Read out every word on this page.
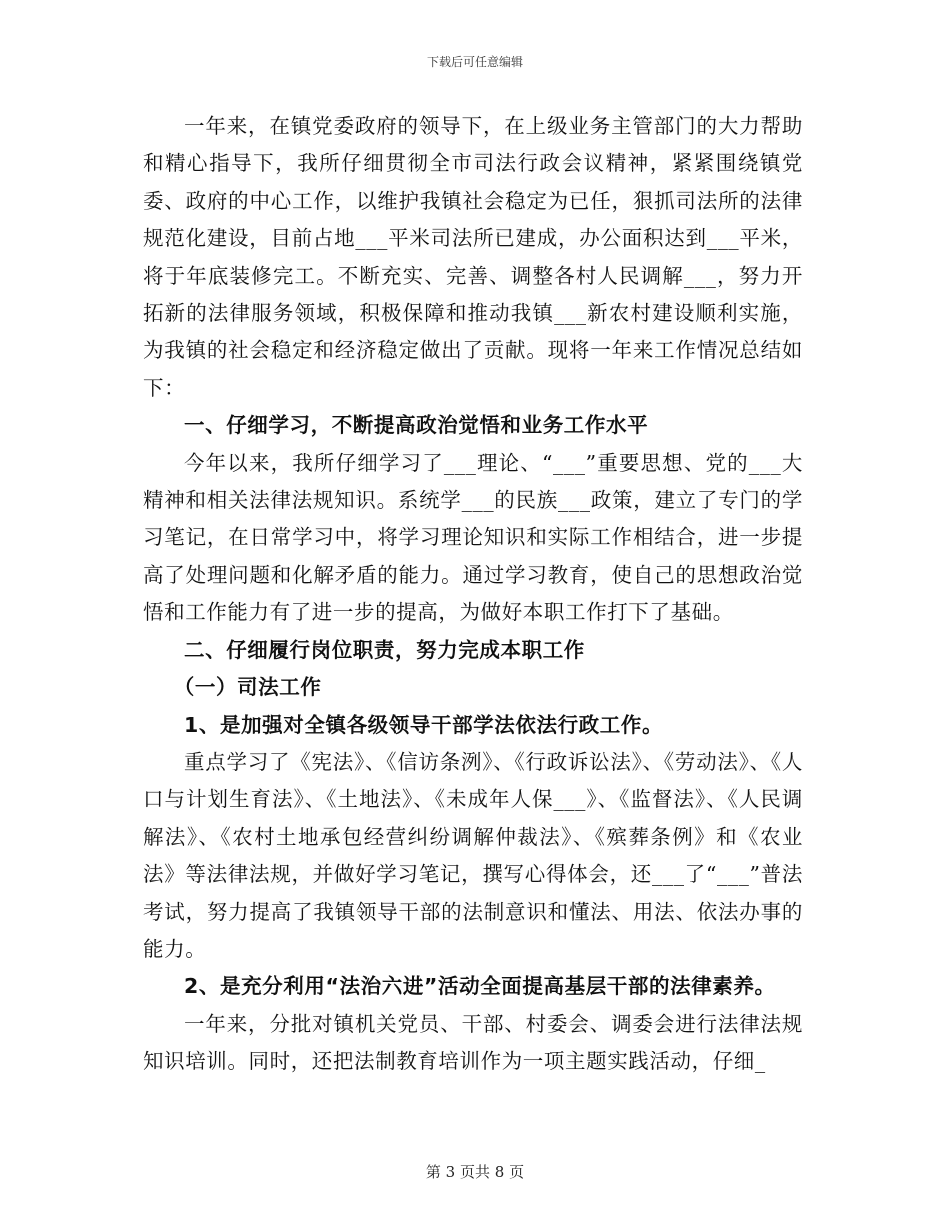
下载后可任意编辑

一年来，在镇党委政府的领导下，在上级业务主管部门的大力帮助和精心指导下，我所仔细贯彻全市司法行政会议精神，紧紧围绕镇党委、政府的中心工作，以维护我镇社会稳定为已任，狠抓司法所的法律规范化建设，目前占地___平米司法所已建成，办公面积达到___平米，将于年底装修完工。不断充实、完善、调整各村人民调解___，努力开拓新的法律服务领域，积极保障和推动我镇___新农村建设顺利实施，为我镇的社会稳定和经济稳定做出了贡献。现将一年来工作情况总结如下：

一、仔细学习，不断提高政治觉悟和业务工作水平

今年以来，我所仔细学习了___理论、“___”重要思想、党的___大精神和相关法律法规知识。系统学___的民族___政策，建立了专门的学习笔记，在日常学习中，将学习理论知识和实际工作相结合，进一步提高了处理问题和化解矛盾的能力。通过学习教育，使自己的思想政治觉悟和工作能力有了进一步的提高，为做好本职工作打下了基础。

二、仔细履行岗位职责，努力完成本职工作

（一）司法工作

1、是加强对全镇各级领导干部学法依法行政工作。

重点学习了《宪法》、《信访条洌》、《行政诉讼法》、《劳动法》、《人口与计划生育法》、《土地法》、《未成年人保___》、《监督法》、《人民调解法》、《农村土地承包经营纠纷调解仲裁法》、《殡葬条例》和《农业法》等法律法规，并做好学习笔记，撰写心得体会，还___了“___”普法考试，努力提高了我镇领导干部的法制意识和懂法、用法、依法办事的能力。

2、是充分利用“法治六进”活动全面提高基层干部的法律素养。

一年来，分批对镇机关党员、干部、村委会、调委会进行法律法规知识培训。同时，还把法制教育培训作为一项主题实践活动，仔细_

第 3 页共 8 页
